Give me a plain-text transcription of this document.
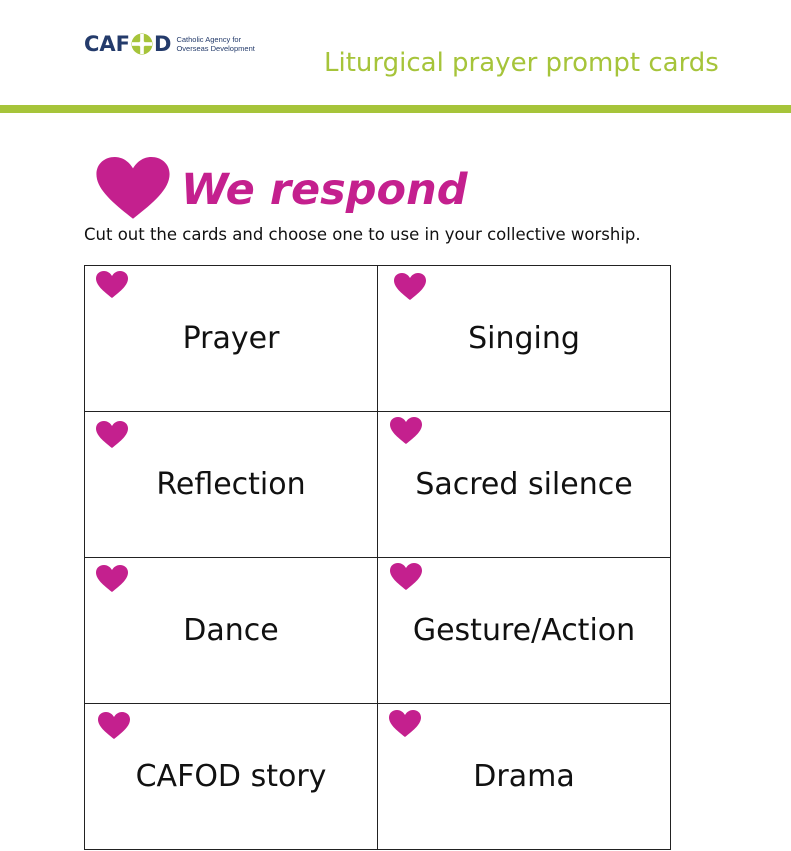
CAF D Catholic Agency for
Overseas Development	Liturgical prayer prompt cards
We respond
Cut out the cards and choose one to use in your collective worship.
Prayer	Singing

Reflection	Sacred silence

Dance	Gesture/Action

CAFOD story	Drama
